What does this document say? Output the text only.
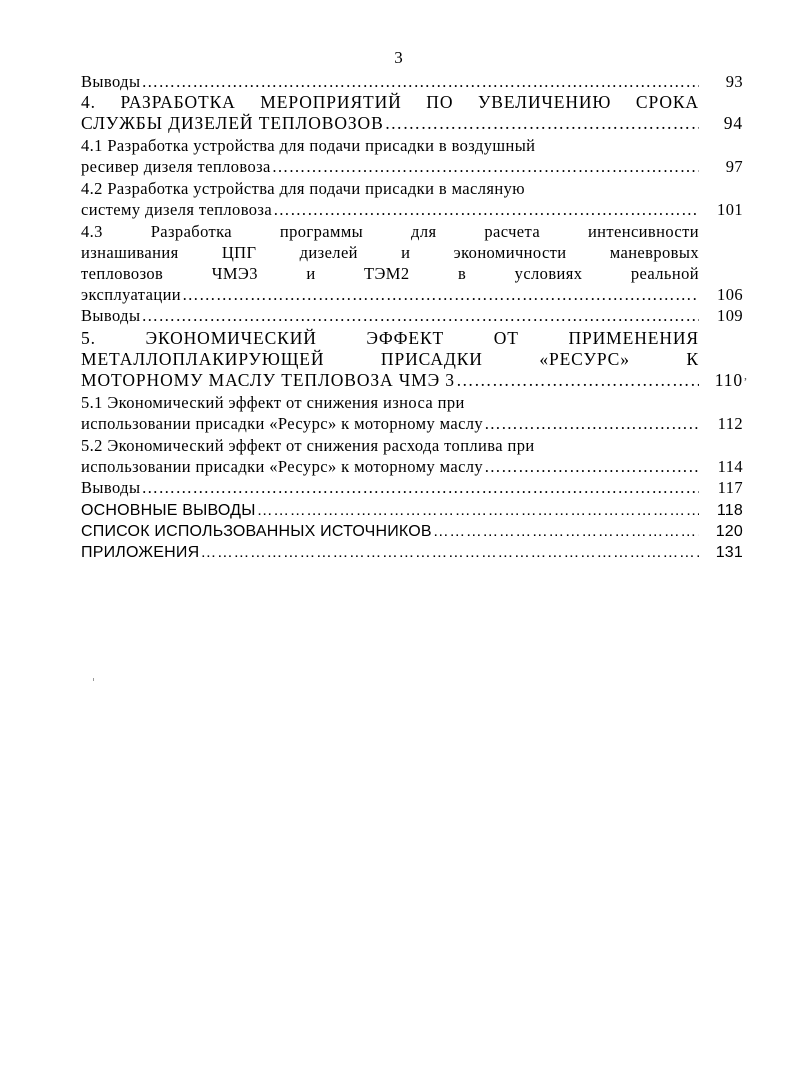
3
Выводы ……………………………………………………………………………………………………………………………………………………………………………………………	93
4. РАЗРАБОТКА МЕРОПРИЯТИЙ ПО УВЕЛИЧЕНИЮ СРОКА
СЛУЖБЫ ДИЗЕЛЕЙ ТЕПЛОВОЗОВ ……………………………………………………………………………………………………………………………………………………………………………………………	94
4.1 Разработка устройства для подачи присадки в воздушный
ресивер дизеля тепловоза ……………………………………………………………………………………………………………………………………………………………………………………………	97
4.2 Разработка устройства для подачи присадки в масляную
систему дизеля тепловоза ……………………………………………………………………………………………………………………………………………………………………………………………	101
4.3	Разработка	программы	для	расчета	интенсивности
изнашивания	ЦПГ	дизелей	и	экономичности	маневровых
тепловозов	ЧМЭ3	и	ТЭМ2	в	условиях	реальной
эксплуатации ……………………………………………………………………………………………………………………………………………………………………………………………	106
Выводы ……………………………………………………………………………………………………………………………………………………………………………………………	109
5.	ЭКОНОМИЧЕСКИЙ	ЭФФЕКТ	ОТ	ПРИМЕНЕНИЯ
МЕТАЛЛОПЛАКИРУЮЩЕЙ	ПРИСАДКИ	«РЕСУРС»	К
МОТОРНОМУ МАСЛУ ТЕПЛОВОЗА ЧМЭ 3 ……………………………………………………………………………………………………………………………………………………………………………………………	110
5.1 Экономический эффект от снижения износа при
использовании присадки «Ресурс» к моторному маслу ……………………………………………………………………………………………………………………………………………………………………………………………	112
5.2 Экономический эффект от снижения расхода топлива при
использовании присадки «Ресурс» к моторному маслу ……………………………………………………………………………………………………………………………………………………………………………………………	114
Выводы ……………………………………………………………………………………………………………………………………………………………………………………………	117
ОСНОВНЫЕ ВЫВОДЫ ……………………………………………………………………………………………………………………………………………………………………………………………	118
СПИСОК ИСПОЛЬЗОВАННЫХ ИСТОЧНИКОВ ……………………………………………………………………………………………………………………………………………………………………………………………	120
ПРИЛОЖЕНИЯ ……………………………………………………………………………………………………………………………………………………………………………………………	131
,
